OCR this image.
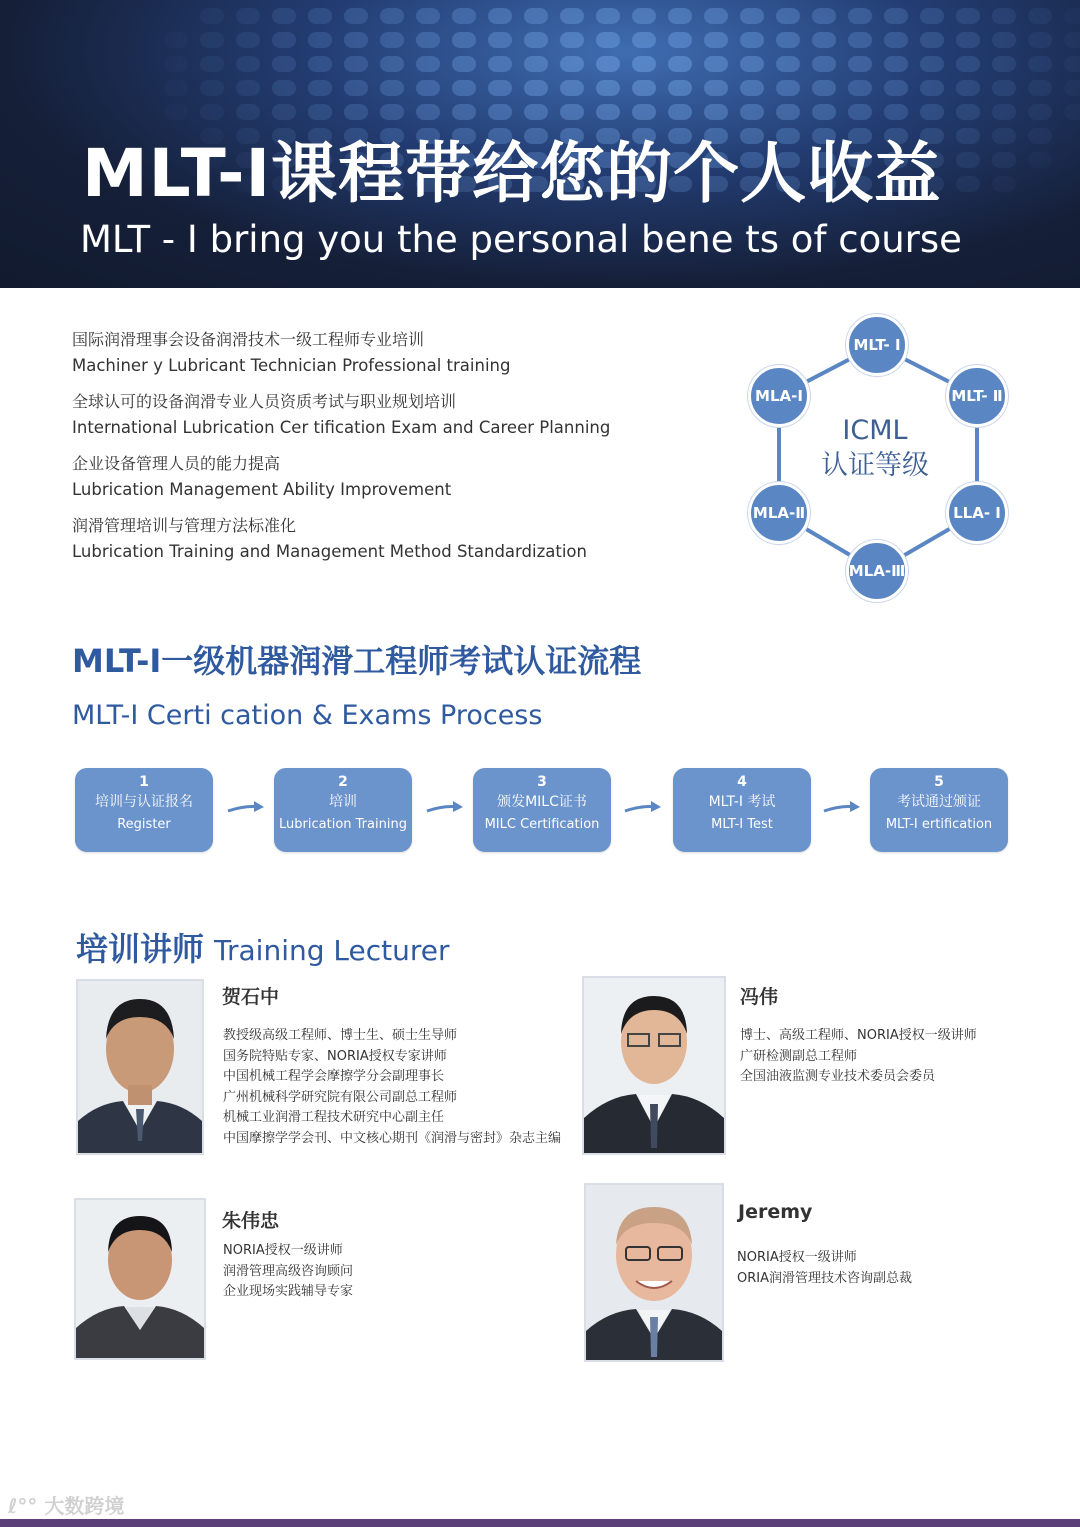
MLT-I课程带给您的个人收益
MLT - I bring you the personal bene ts of course
国际润滑理事会设备润滑技术一级工程师专业培训
Machiner y Lubricant Technician Professional training
全球认可的设备润滑专业人员资质考试与职业规划培训
International Lubrication Cer tification Exam and Career Planning
企业设备管理人员的能力提高
Lubrication Management Ability Improvement
润滑管理培训与管理方法标准化
Lubrication Training and Management Method Standardization
ICML
认证等级
MLT- Ⅰ
MLT- Ⅱ
LLA- Ⅰ
MLA-Ⅲ
MLA-Ⅱ
MLA-Ⅰ
MLT-I一级机器润滑工程师考试认证流程
MLT-I Certi cation & Exams Process
1
培训与认证报名
Register
2
培训
Lubrication Training
3
颁发MILC证书
MILC Certification
4
MLT-I 考试
MLT-I Test
5
考试通过颁证
MLT-I ertification
培训讲师 Training Lecturer
贺石中
教授级高级工程师、博士生、硕士生导师
国务院特贴专家、NORIA授权专家讲师
中国机械工程学会摩擦学分会副理事长
广州机械科学研究院有限公司副总工程师
机械工业润滑工程技术研究中心副主任
中国摩擦学学会刊、中文核心期刊《润滑与密封》杂志主编
冯伟
博士、高级工程师、NORIA授权一级讲师
广研检测副总工程师
全国油液监测专业技术委员会委员
朱伟忠
NORIA授权一级讲师
润滑管理高级咨询顾问
企业现场实践辅导专家
Jeremy
NORIA授权一级讲师
ORIA润滑管理技术咨询副总裁
ℓ°° 大数跨境
